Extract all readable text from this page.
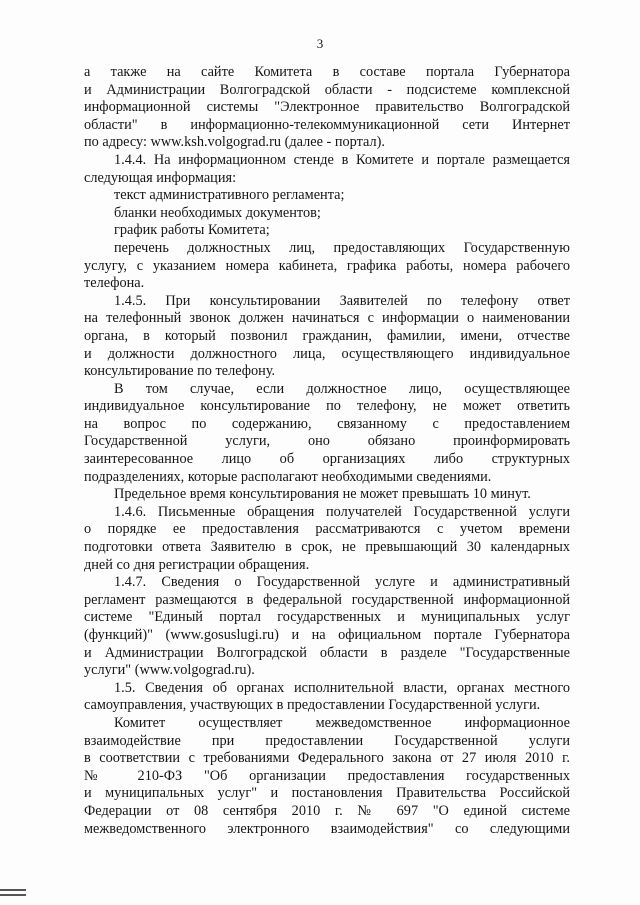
3
а также на сайте Комитета в составе портала Губернатора
и Администрации Волгоградской области - подсистеме комплексной
информационной системы "Электронное правительство Волгоградской
области" в информационно-телекоммуникационной сети Интернет
по адресу: www.ksh.volgograd.ru (далее - портал).
1.4.4. На информационном стенде в Комитете и портале размещается
следующая информация:
текст административного регламента;
бланки необходимых документов;
график работы Комитета;
перечень должностных лиц, предоставляющих Государственную
услугу, с указанием номера кабинета, графика работы, номера рабочего
телефона.
1.4.5. При консультировании Заявителей по телефону ответ
на телефонный звонок должен начинаться с информации о наименовании
органа, в который позвонил гражданин, фамилии, имени, отчестве
и должности должностного лица, осуществляющего индивидуальное
консультирование по телефону.
В том случае, если должностное лицо, осуществляющее
индивидуальное консультирование по телефону, не может ответить
на вопрос по содержанию, связанному с предоставлением
Государственной услуги, оно обязано проинформировать
заинтересованное лицо об организациях либо структурных
подразделениях, которые располагают необходимыми сведениями.
Предельное время консультирования не может превышать 10 минут.
1.4.6. Письменные обращения получателей Государственной услуги
о порядке ее предоставления рассматриваются с учетом времени
подготовки ответа Заявителю в срок, не превышающий 30 календарных
дней со дня регистрации обращения.
1.4.7. Сведения о Государственной услуге и административный
регламент размещаются в федеральной государственной информационной
системе "Единый портал государственных и муниципальных услуг
(функций)" (www.gosuslugi.ru) и на официальном портале Губернатора
и Администрации Волгоградской области в разделе "Государственные
услуги" (www.volgograd.ru).
1.5. Сведения об органах исполнительной власти, органах местного
самоуправления, участвующих в предоставлении Государственной услуги.
Комитет осуществляет межведомственное информационное
взаимодействие при предоставлении Государственной услуги
в соответствии с требованиями Федерального закона от 27 июля 2010 г.
№ 210-ФЗ "Об организации предоставления государственных
и муниципальных услуг" и постановления Правительства Российской
Федерации от 08 сентября 2010 г. № 697 "О единой системе
межведомственного электронного взаимодействия" со следующими
